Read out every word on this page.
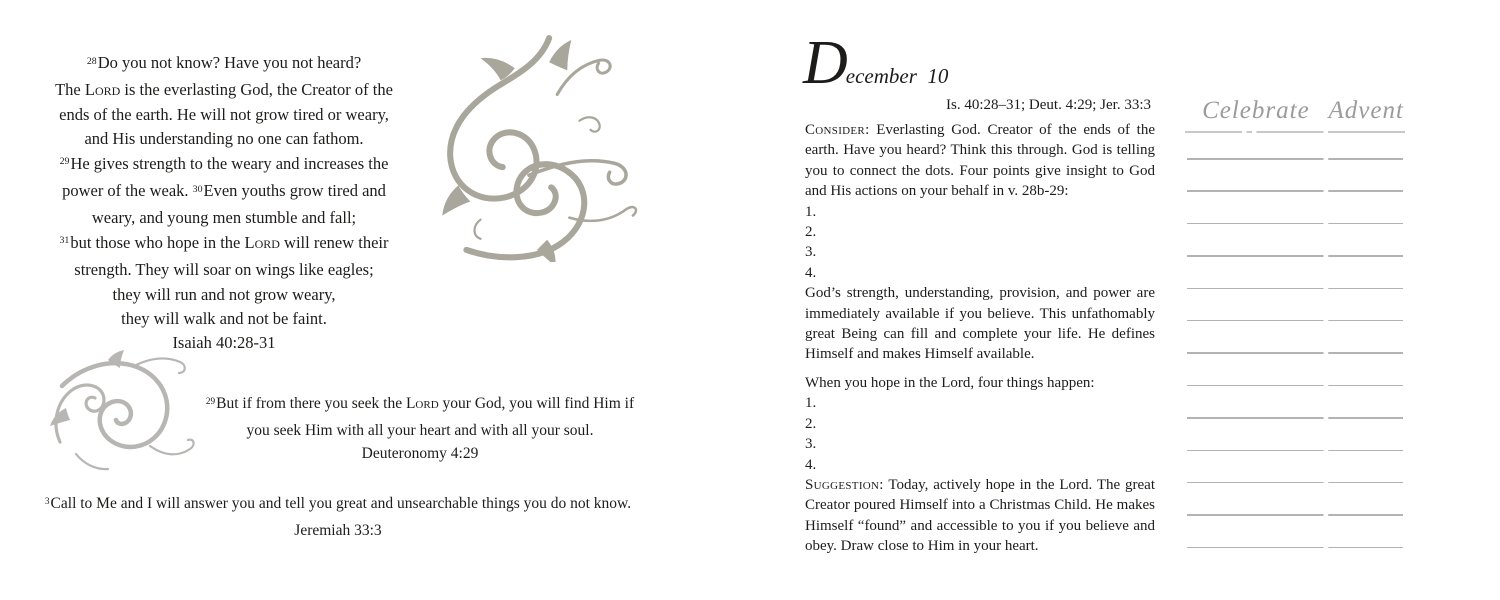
$^{28}$Do you not know? Have you not heard?
The Lord is the everlasting God, the Creator of the
ends of the earth. He will not grow tired or weary,
and His understanding no one can fathom.
$^{29}$He gives strength to the weary and increases the
power of the weak. $^{30}$Even youths grow tired and
weary, and young men stumble and fall;
$^{31}$but those who hope in the Lord will renew their
strength. They will soar on wings like eagles;
they will run and not grow weary,
they will walk and not be faint.
Isaiah 40:28-31
$^{29}$But if from there you seek the Lord your God, you will find Him if
you seek Him with all your heart and with all your soul.
Deuteronomy 4:29
$^3$Call to Me and I will answer you and tell you great and unsearchable things you do not know.
Jeremiah 33:3
December  10
Is. 40:28–31; Deut. 4:29; Jer. 33:3

Consider: Everlasting God. Creator of the ends of the earth. Have you heard? Think this through. God is telling you to connect the dots. Four points give insight to God and His actions on your behalf in v. 28b-29:

1.
2.
3.
4.

God’s strength, understanding, provision, and power are immediately available if you believe. This unfathomably great Being can fill and complete your life. He defines Himself and makes Himself available.

When you hope in the Lord, four things happen:

1.
2.
3.
4.

Suggestion: Today, actively hope in the Lord. The great Creator poured Himself into a Christmas Child. He makes Himself “found” and accessible to you if you believe and obey. Draw close to Him in your heart.

Celebrate Advent
